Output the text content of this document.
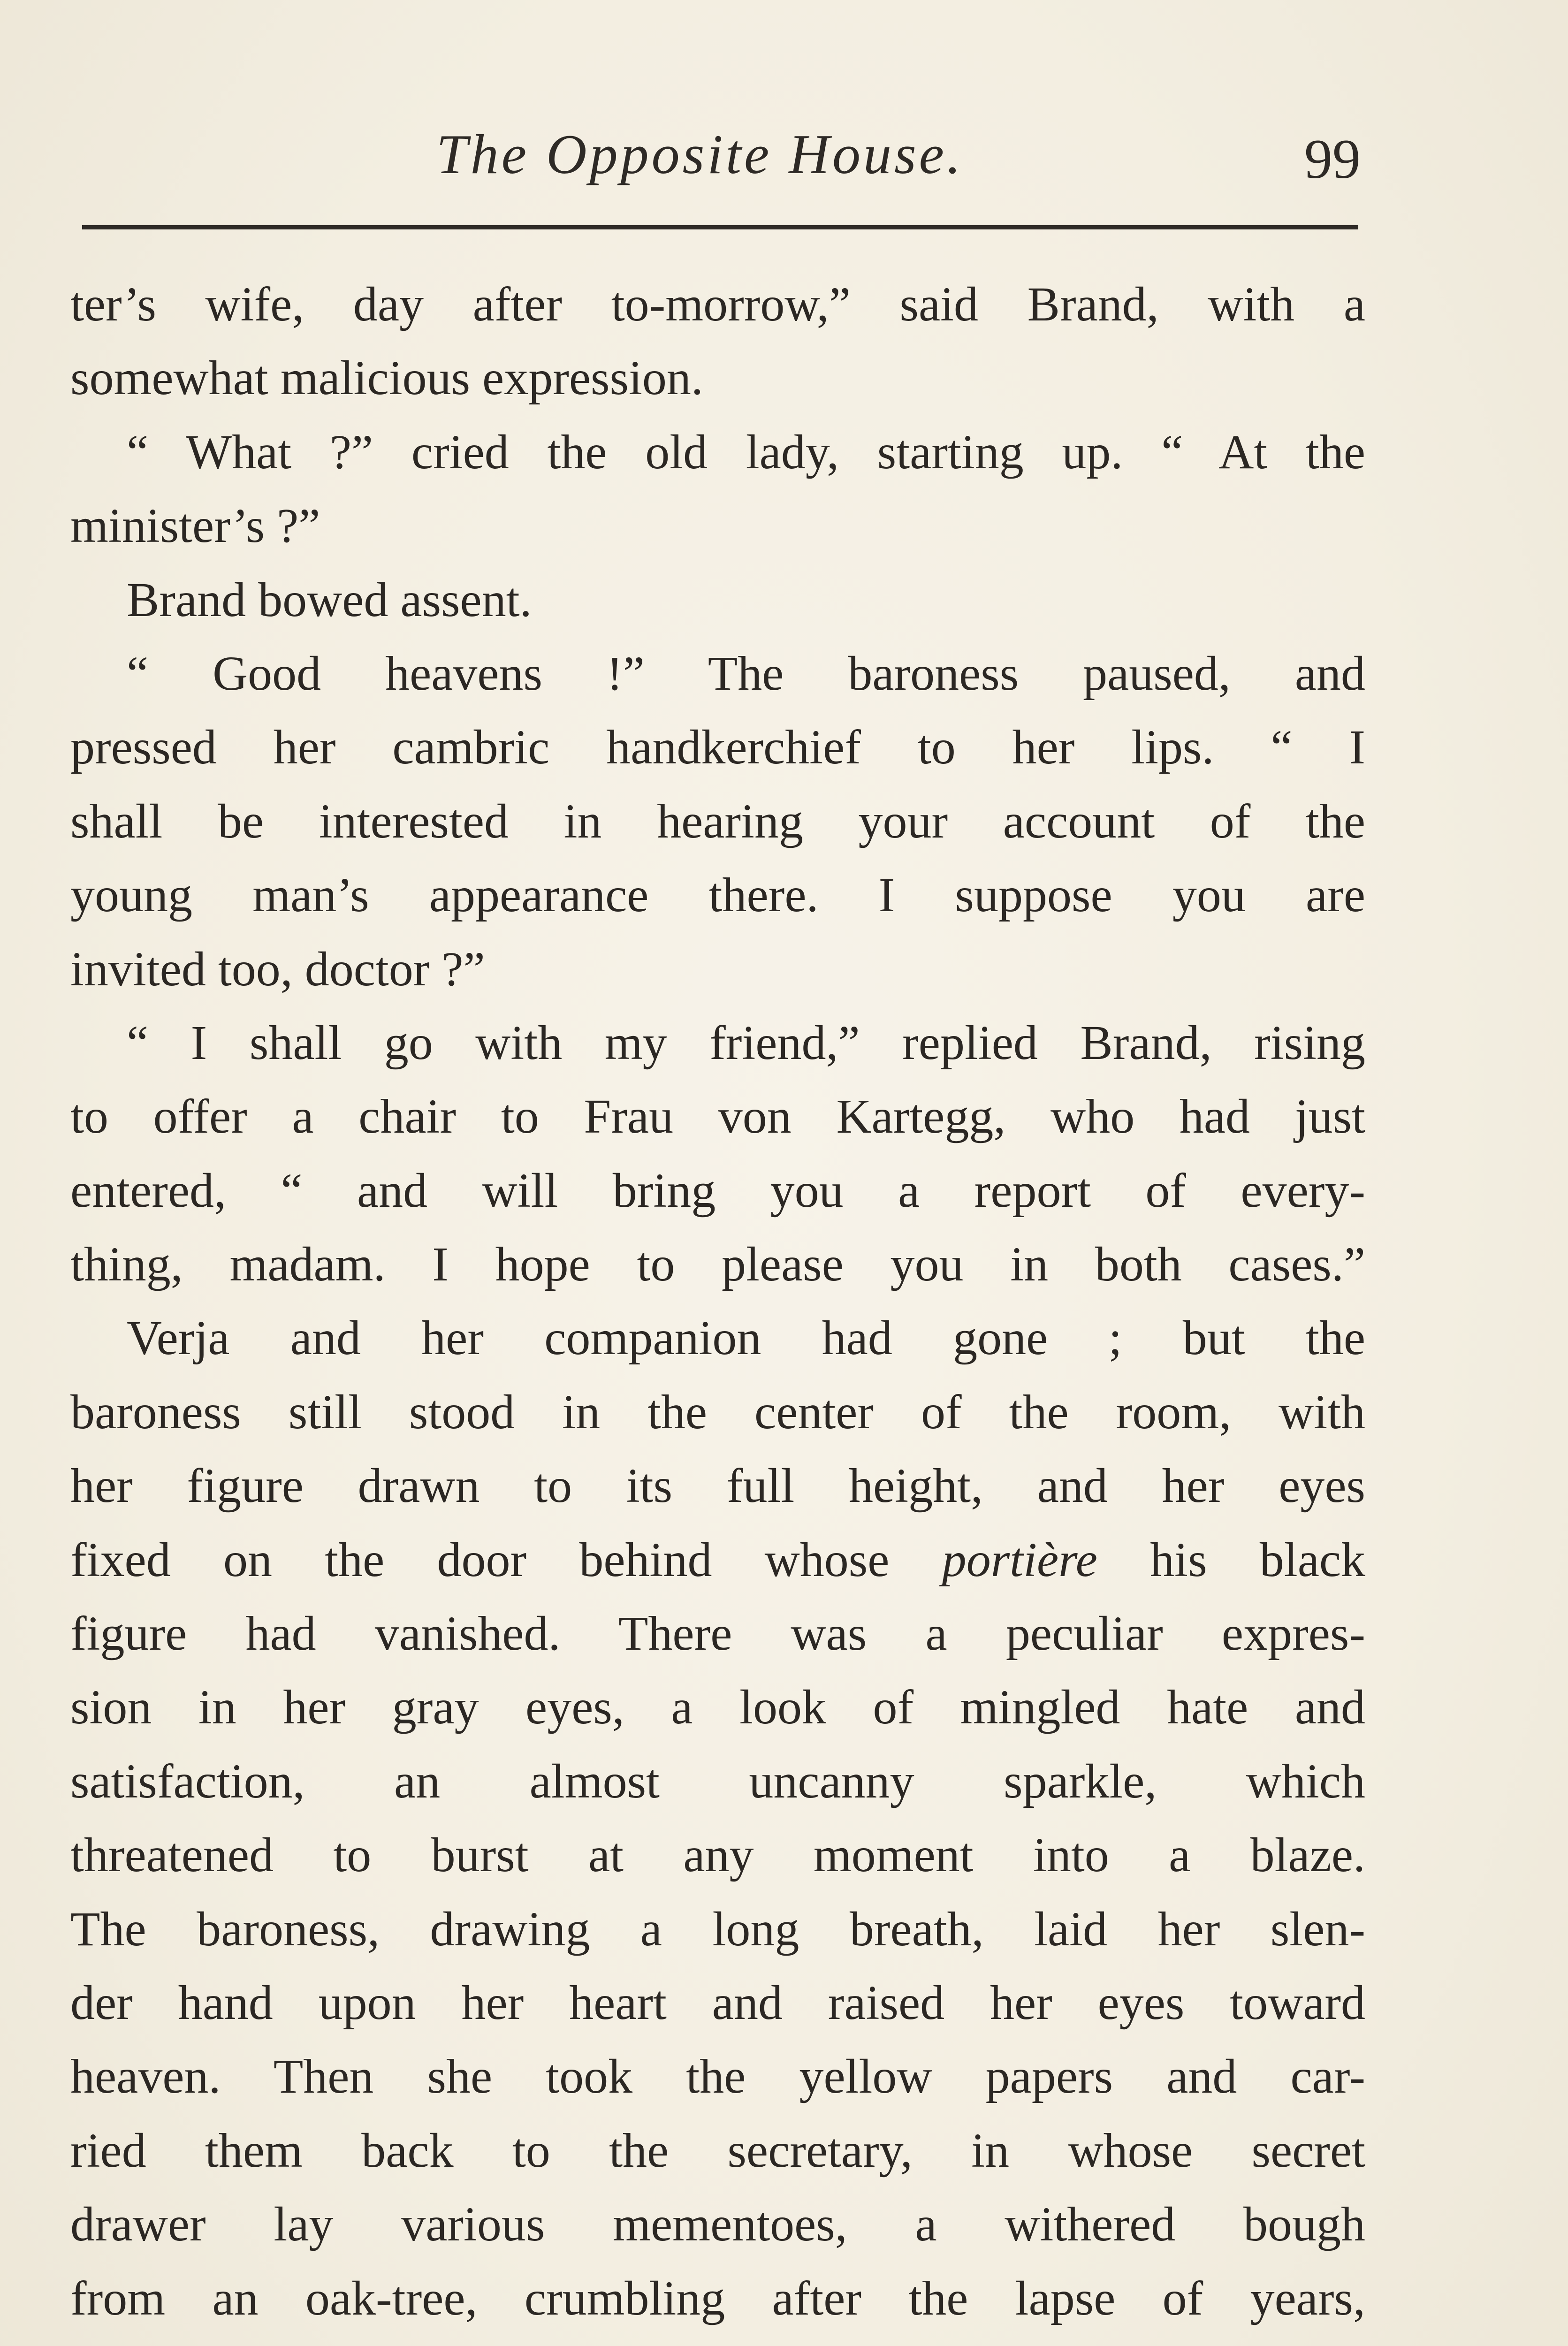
The Opposite House.	99
ter’s wife, day after to-morrow,” said Brand, with a
somewhat malicious expression.
“ What ?” cried the old lady, starting up. “ At the
minister’s ?”
Brand bowed assent.
“ Good heavens !” The baroness paused, and
pressed her cambric handkerchief to her lips. “ I
shall be interested in hearing your account of the
young man’s appearance there. I suppose you are
invited too, doctor ?”
“ I shall go with my friend,” replied Brand, rising
to offer a chair to Frau von Kartegg, who had just
entered, “ and will bring you a report of every-
thing, madam. I hope to please you in both cases.”
Verja and her companion had gone ; but the
baroness still stood in the center of the room, with
her figure drawn to its full height, and her eyes
fixed on the door behind whose portière his black
figure had vanished. There was a peculiar expres-
sion in her gray eyes, a look of mingled hate and
satisfaction, an almost uncanny sparkle, which
threatened to burst at any moment into a blaze.
The baroness, drawing a long breath, laid her slen-
der hand upon her heart and raised her eyes toward
heaven. Then she took the yellow papers and car-
ried them back to the secretary, in whose secret
drawer lay various mementoes, a withered bough
from an oak-tree, crumbling after the lapse of years,
